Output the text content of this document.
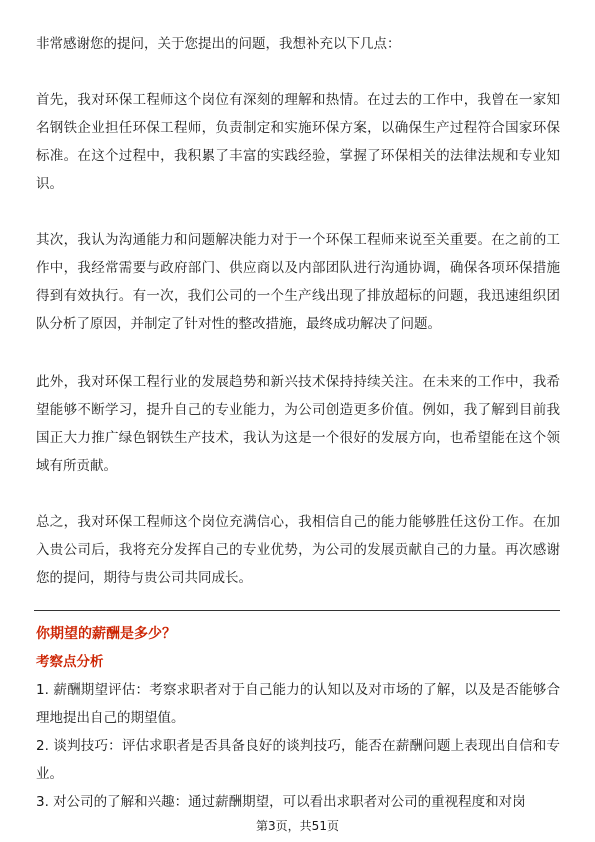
非常感谢您的提问，关于您提出的问题，我想补充以下几点：

首先，我对环保工程师这个岗位有深刻的理解和热情。在过去的工作中，我曾在一家知名钢铁企业担任环保工程师，负责制定和实施环保方案，以确保生产过程符合国家环保标准。在这个过程中，我积累了丰富的实践经验，掌握了环保相关的法律法规和专业知识。

其次，我认为沟通能力和问题解决能力对于一个环保工程师来说至关重要。在之前的工作中，我经常需要与政府部门、供应商以及内部团队进行沟通协调，确保各项环保措施得到有效执行。有一次，我们公司的一个生产线出现了排放超标的问题，我迅速组织团队分析了原因，并制定了针对性的整改措施，最终成功解决了问题。

此外，我对环保工程行业的发展趋势和新兴技术保持持续关注。在未来的工作中，我希望能够不断学习，提升自己的专业能力，为公司创造更多价值。例如，我了解到目前我国正大力推广绿色钢铁生产技术，我认为这是一个很好的发展方向，也希望能在这个领域有所贡献。

总之，我对环保工程师这个岗位充满信心，我相信自己的能力能够胜任这份工作。在加入贵公司后，我将充分发挥自己的专业优势，为公司的发展贡献自己的力量。再次感谢您的提问，期待与贵公司共同成长。

你期望的薪酬是多少？
考察点分析

1. 薪酬期望评估：考察求职者对于自己能力的认知以及对市场的了解，以及是否能够合理地提出自己的期望值。

2. 谈判技巧：评估求职者是否具备良好的谈判技巧，能否在薪酬问题上表现出自信和专业。

3. 对公司的了解和兴趣：通过薪酬期望，可以看出求职者对公司的重视程度和对岗

第3页，共51页
